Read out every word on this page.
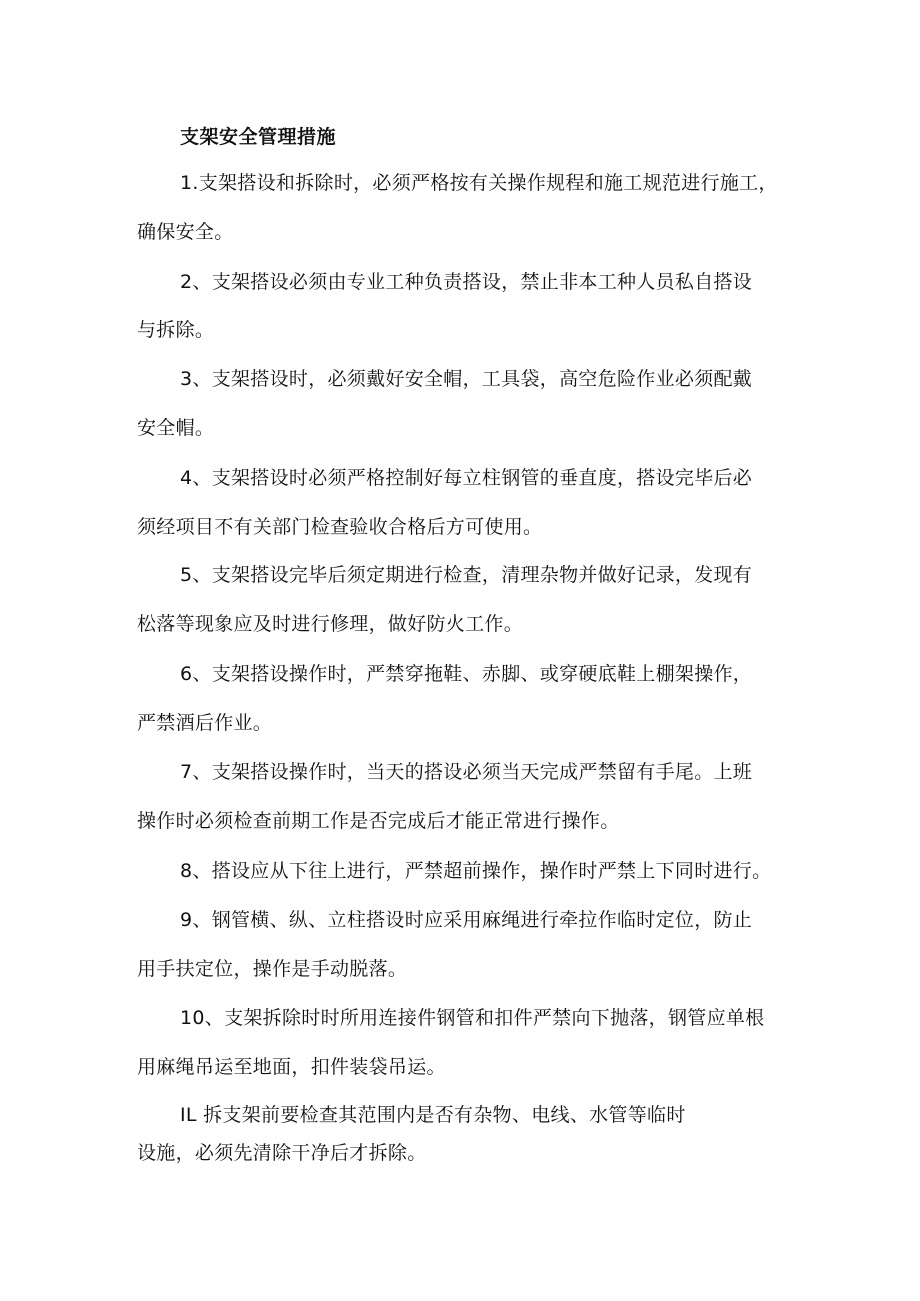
支架安全管理措施
1.支架搭设和拆除时，必须严格按有关操作规程和施工规范进行施工，
确保安全。
2、支架搭设必须由专业工种负责搭设，禁止非本工种人员私自搭设
与拆除。
3、支架搭设时，必须戴好安全帽，工具袋，高空危险作业必须配戴
安全帽。
4、支架搭设时必须严格控制好每立柱钢管的垂直度，搭设完毕后必
须经项目不有关部门检查验收合格后方可使用。
5、支架搭设完毕后须定期进行检查，清理杂物并做好记录，发现有
松落等现象应及时进行修理，做好防火工作。
6、支架搭设操作时，严禁穿拖鞋、赤脚、或穿硬底鞋上棚架操作，
严禁酒后作业。
7、支架搭设操作时，当天的搭设必须当天完成严禁留有手尾。上班
操作时必须检查前期工作是否完成后才能正常进行操作。
8、搭设应从下往上进行，严禁超前操作，操作时严禁上下同时进行。
9、钢管横、纵、立柱搭设时应采用麻绳进行牵拉作临时定位，防止
用手扶定位，操作是手动脱落。
10、支架拆除时时所用连接件钢管和扣件严禁向下抛落，钢管应单根
用麻绳吊运至地面，扣件装袋吊运。
IL 拆支架前要检查其范围内是否有杂物、电线、水管等临时
设施，必须先清除干净后才拆除。
